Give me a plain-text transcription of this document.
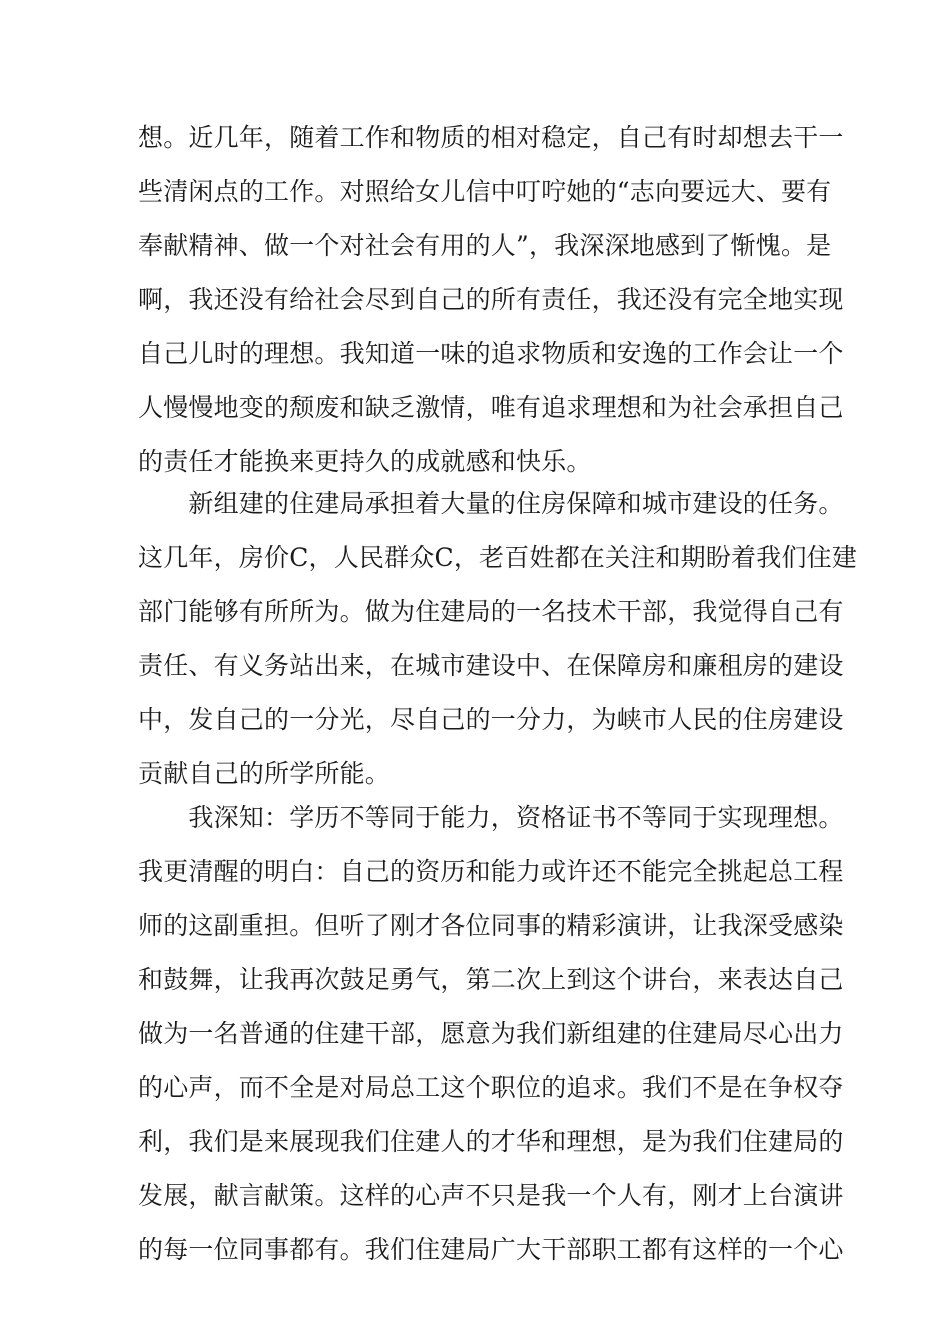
想。近几年，随着工作和物质的相对稳定，自己有时却想去干一
些清闲点的工作。对照给女儿信中叮咛她的“志向要远大、要有
奉献精神、做一个对社会有用的人”，我深深地感到了惭愧。是
啊，我还没有给社会尽到自己的所有责任，我还没有完全地实现
自己儿时的理想。我知道一味的追求物质和安逸的工作会让一个
人慢慢地变的颓废和缺乏激情，唯有追求理想和为社会承担自己
的责任才能换来更持久的成就感和快乐。
　　新组建的住建局承担着大量的住房保障和城市建设的任务。
这几年，房价C，人民群众C，老百姓都在关注和期盼着我们住建
部门能够有所所为。做为住建局的一名技术干部，我觉得自己有
责任、有义务站出来，在城市建设中、在保障房和廉租房的建设
中，发自己的一分光，尽自己的一分力，为峡市人民的住房建设
贡献自己的所学所能。
　　我深知：学历不等同于能力，资格证书不等同于实现理想。
我更清醒的明白：自己的资历和能力或许还不能完全挑起总工程
师的这副重担。但听了刚才各位同事的精彩演讲，让我深受感染
和鼓舞，让我再次鼓足勇气，第二次上到这个讲台，来表达自己
做为一名普通的住建干部，愿意为我们新组建的住建局尽心出力
的心声，而不全是对局总工这个职位的追求。我们不是在争权夺
利，我们是来展现我们住建人的才华和理想，是为我们住建局的
发展，献言献策。这样的心声不只是我一个人有，刚才上台演讲
的每一位同事都有。我们住建局广大干部职工都有这样的一个心
